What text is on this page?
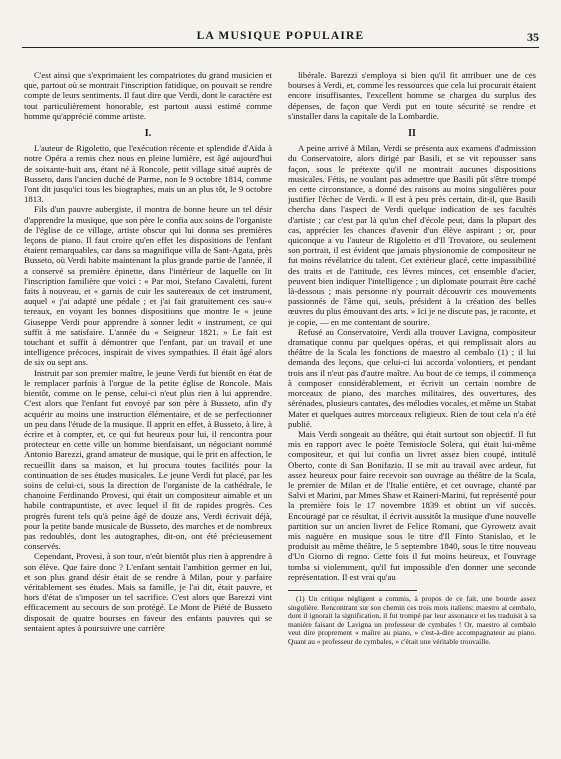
LA MUSIQUE POPULAIRE	35

C'est ainsi que s'exprimaient les compatriotes du grand musicien et que, partout où se montrait l'inscription fatidique, on pouvait se rendre compte de leurs sentiments. Il faut dire que Verdi, dont le caractère est tout particulièrement honorable, est partout aussi estimé comme homme qu'apprécié comme artiste.

I.

L'auteur de Rigoletto, que l'exécution récente et splendide d'Aïda à notre Opéra a remis chez nous en pleine lumière, est âgé aujourd'hui de soixante-huit ans, étant né à Roncole, petit village situé auprès de Busseto, dans l'ancien duché de Parme, non le 9 octobre 1814, comme l'ont dit jusqu'ici tous les biographes, mais un an plus tôt, le 9 octobre 1813.

Fils d'un pauvre aubergiste, il montra de bonne heure un tel désir d'apprendre la musique, que son père le confia aux soins de l'organiste de l'église de ce village, artiste obscur qui lui donna ses premières leçons de piano. Il faut croire qu'en effet les dispositions de l'enfant étaient remarquables, car dans sa magnifique villa de Sant-Agata, près Busseto, où Verdi habite maintenant la plus grande partie de l'année, il a conservé sa première épinette, dans l'intérieur de laquelle on lit l'inscription familière que voici : « Par moi, Stefano Cavaletti, furent faits à nouveau, et « garnis de cuir les sautereaux de cet instrument, auquel « j'ai adapté une pédale ; et j'ai fait gratuitement ces sau-« tereaux, en voyant les bonnes dispositions que montre le « jeune Giuseppe Verdi pour apprendre à sonner ledit « instrument, ce qui suffit à me satisfaire. L'année du « Seigneur 1821. » Le fait est touchant et suffit à démontrer que l'enfant, par un travail et une intelligence précoces, inspirait de vives sympathies. Il était âgé alors de six ou sept ans.

Instruit par son premier maître, le jeune Verdi fut bientôt en état de le remplacer parfois à l'orgue de la petite église de Roncole. Mais bientôt, comme on le pense, celui-ci n'eut plus rien à lui apprendre. C'est alors que l'enfant fut envoyé par son père à Busseto, afin d'y acquérir au moins une instruction élémentaire, et de se perfectionner un peu dans l'étude de la musique. Il apprit en effet, à Busseto, à lire, à écrire et à compter, et, ce qui fut heureux pour lui, il rencontra pour protecteur en cette ville un homme bienfaisant, un négociant nommé Antonio Barezzi, grand amateur de musique, qui le prit en affection, le recueillit dans sa maison, et lui procura toutes facilités pour la continuation de ses études musicales. Le jeune Verdi fut placé, par les soins de celui-ci, sous la direction de l'organiste de la cathédrale, le chanoine Ferdinando Provesi, qui était un compositeur aimable et un habile contrapuntiste, et avec lequel il fit de rapides progrès. Ces progrès furent tels qu'à peine âgé de douze ans, Verdi écrivait déjà, pour la petite bande musicale de Busseto, des marches et de nombreux pas redoublés, dont les autographes, dit-on, ont été précieusement conservés.

Cependant, Provesi, à son tour, n'eût bientôt plus rien à apprendre à son élève. Que faire donc ? L'enfant sentait l'ambition germer en lui, et son plus grand désir était de se rendre à Milan, pour y parfaire véritablement ses études. Mais sa famille, je l'ai dit, était pauvre, et hors d'état de s'imposer un tel sacrifice. C'est alors que Barezzi vint efficacement au secours de son protégé. Le Mont de Piété de Busseto disposait de quatre bourses en faveur des enfants pauvres qui se sentaient aptes à poursuivre une carrière

libérale. Barezzi s'employa si bien qu'il fit attribuer une de ces bourses à Verdi, et, comme les ressources que cela lui procurait étaient encore insuffisantes, l'excellent homme se chargea du surplus des dépenses, de façon que Verdi put en toute sécurité se rendre et s'installer dans la capitale de la Lombardie.

II

A peine arrivé à Milan, Verdi se présenta aux examens d'admission du Conservatoire, alors dirigé par Basili, et se vit repousser sans façon, sous le prétexte qu'il ne montrait aucunes dispositions musicales. Fétis, ne voulant pas admettre que Basili pût s'être trompé en cette circonstance, a donné des raisons au moins singulières pour justifier l'échec de Verdi. « Il est à peu près certain, dit-il, que Basili chercha dans l'aspect de Verdi quelque indication de ses facultés d'artiste ; car c'est par là qu'un chef d'école peut, dans la plupart des cas, apprécier les chances d'avenir d'un élève aspirant ; or, pour quiconque a vu l'auteur de Rigoletto et d'Il Trovatore, ou seulement son portrait, il est évident que jamais physionomie de compositeur ne fut moins révélatrice du talent. Cet extérieur glacé, cette impassibilité des traits et de l'attitude, ces lèvres minces, cet ensemble d'acier, peuvent bien indiquer l'intelligence ; un diplomate pourrait être caché là-dessous ; mais personne n'y pourrait découvrir ces mouvements passionnés de l'âme qui, seuls, président à la création des belles œuvres du plus émouvant des arts. » Ici je ne discute pas, je raconte, et je copie, — en me contentant de sourire.

Refusé au Conservatoire, Verdi alla trouver Lavigna, compositeur dramatique connu par quelques opéras, et qui remplissait alors au théâtre de la Scala les fonctions de maestro al cembalo (1) ; il lui demanda des leçons, que celui-ci lui accorda volontiers, et pendant trois ans il n'eut pas d'autre maître. Au bout de ce temps, il commença à composer considérablement, et écrivit un certain nombre de morceaux de piano, des marches militaires, des ouvertures, des sérénades, plusieurs cantates, des mélodies vocales, et même un Stabat Mater et quelques autres morceaux religieux. Rien de tout cela n'a été publié.

Mais Verdi songeait au théâtre, qui était surtout son objectif. Il fut mis en rapport avec le poète Temistocle Solera, qui était lui-même compositeur, et qui lui confia un livret assez bien coupé, intitulé Oberto, conte di San Bonifazio. Il se mit au travail avec ardeur, fut assez heureux pour faire recevoir son ouvrage au théâtre de la Scala, le premier de Milan et de l'Italie entière, et cet ouvrage, chanté par Salvi et Marini, par Mmes Shaw et Raineri-Marini, fut représenté pour la première fois le 17 novembre 1839 et obtint un vif succès. Encouragé par ce résultat, il écrivit aussitôt la musique d'une nouvelle partition sur un ancien livret de Felice Romani, que Gyrowetz avait mis naguère en musique sous le titre d'Il Finto Stanislao, et le produisit au même théâtre, le 5 septembre 1840, sous le titre nouveau d'Un Giorno di regno. Cette fois il fut moins heureux, et l'ouvrage tomba si violemment, qu'il fut impossible d'en donner une seconde représentation. Il est vrai qu'au

(1) Un critique négligent a commis, à propos de ce fait, une bourde assez singulière. Rencontrant sur son chemin ces trois mots italiens: maestro al cembalo, dont il ignorait la signification, il fut trompé par leur assonance et les traduisit à sa manière faisant de Lavigna un professeur de cymbales ! Or, maestro al cembalo veut dire proprement « maître au piano, » c'est-à-dire accompagnateur au piano. Quant au « professeur de cymbales, » c'était une véritable trouvaille.
